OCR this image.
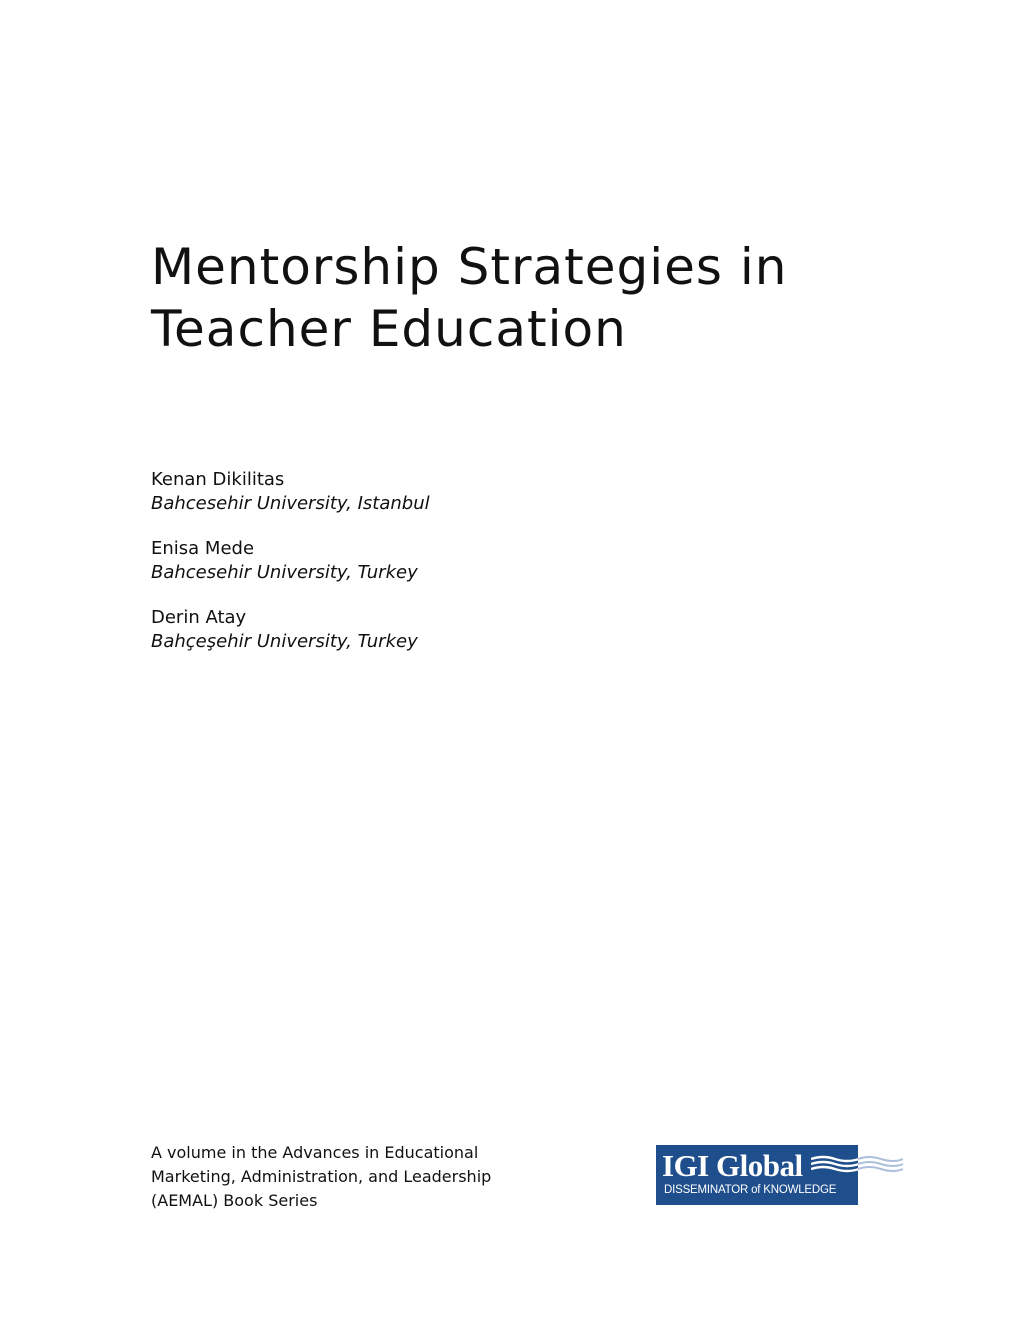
Mentorship Strategies in
Teacher Education
Kenan Dikilitas
Bahcesehir University, Istanbul
Enisa Mede
Bahcesehir University, Turkey
Derin Atay
Bahçeşehir University, Turkey
A volume in the Advances in Educational
Marketing, Administration, and Leadership
(AEMAL) Book Series
IGI Global
DISSEMINATOR of KNOWLEDGE
